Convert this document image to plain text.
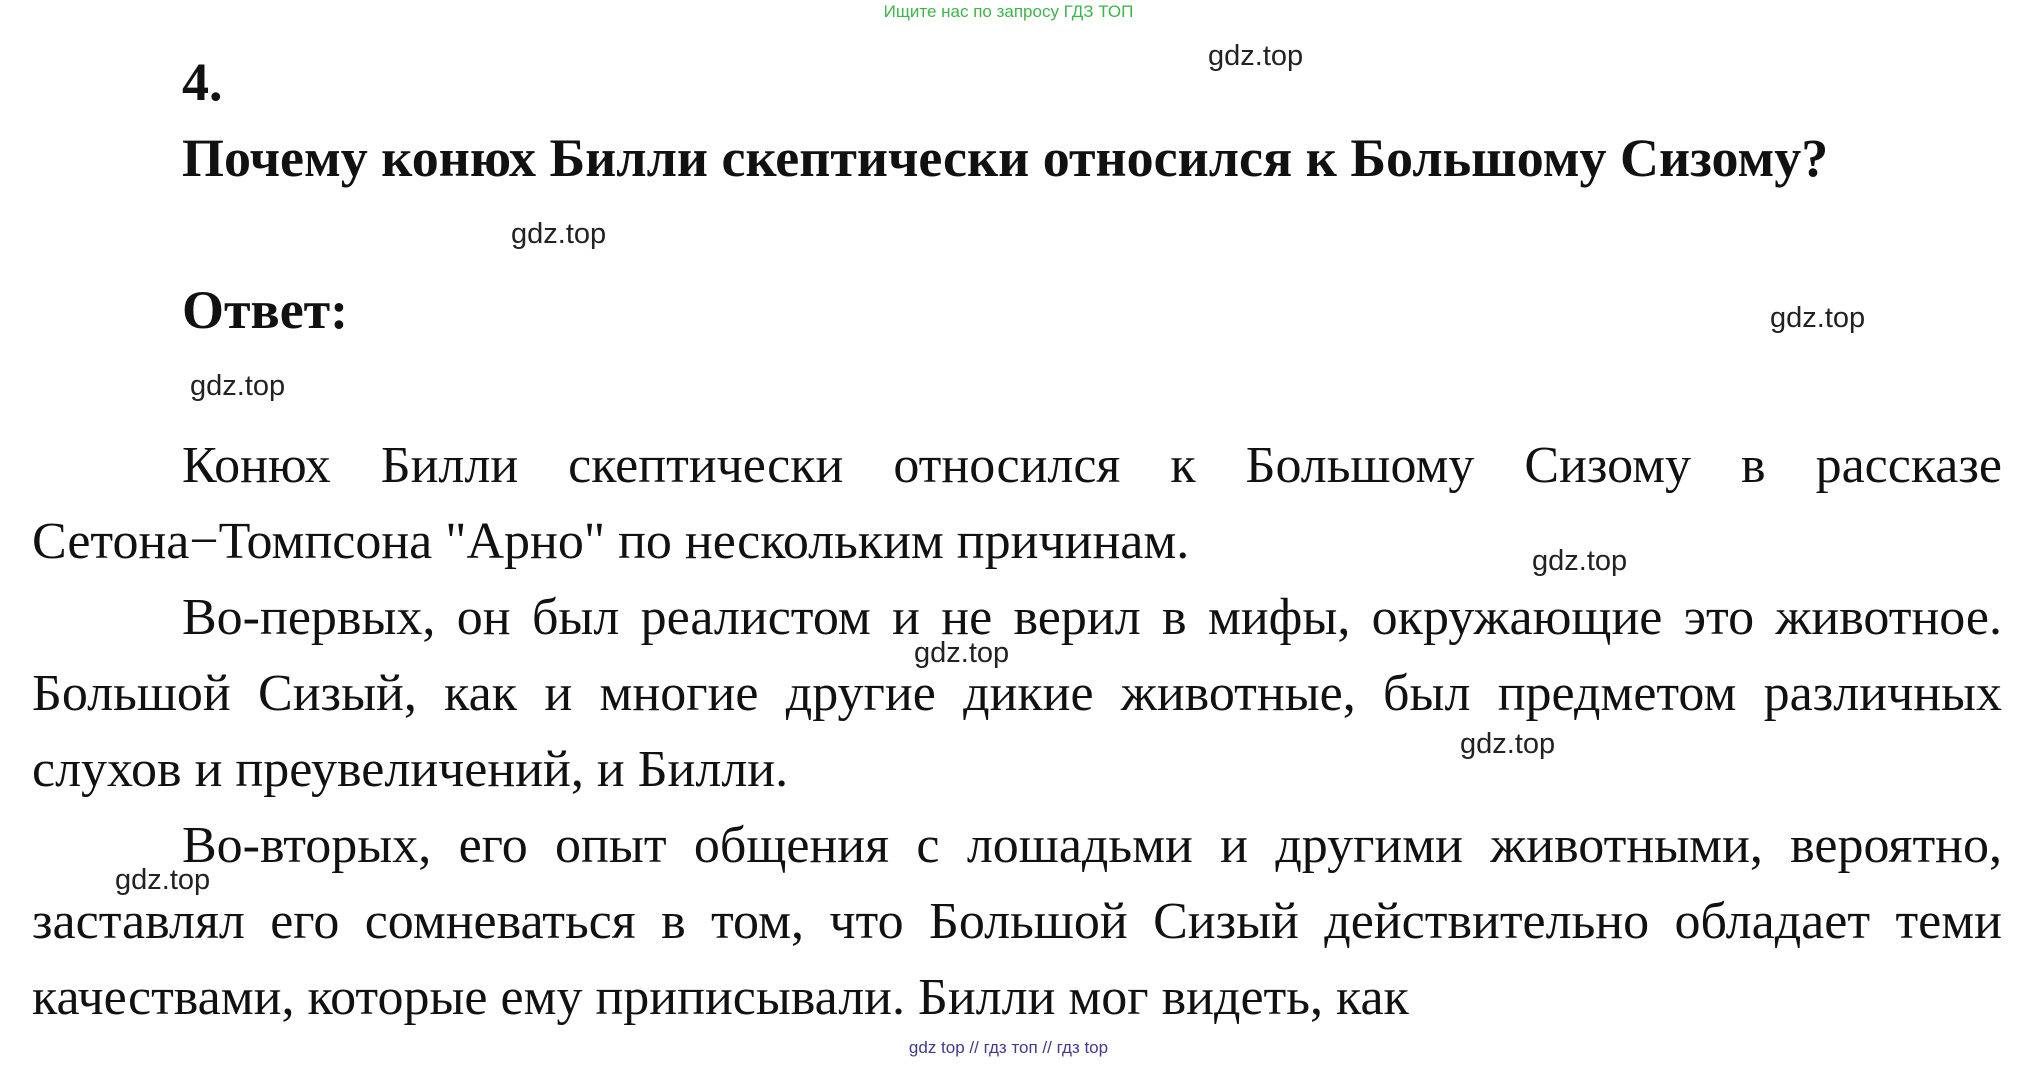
Ищите нас по запросу ГДЗ ТОП
4.
Почему конюх Билли скептически относился к Большому Сизому?
Ответ:

Конюх Билли скептически относился к Большому Сизому в рассказе Сетона−Томпсона "Арно" по нескольким причинам.

Во-первых, он был реалистом и не верил в мифы, окружающие это животное. Большой Сизый, как и многие другие дикие животные, был предметом различных слухов и преувеличений, и Билли.

Во-вторых, его опыт общения с лошадьми и другими животными, вероятно, заставлял его сомневаться в том, что Большой Сизый действительно обладает теми качествами, которые ему приписывали. Билли мог видеть, как

gdz.top
gdz.top
gdz.top
gdz.top
gdz.top
gdz.top
gdz.top
gdz.top
gdz top // гдз топ // гдз top
